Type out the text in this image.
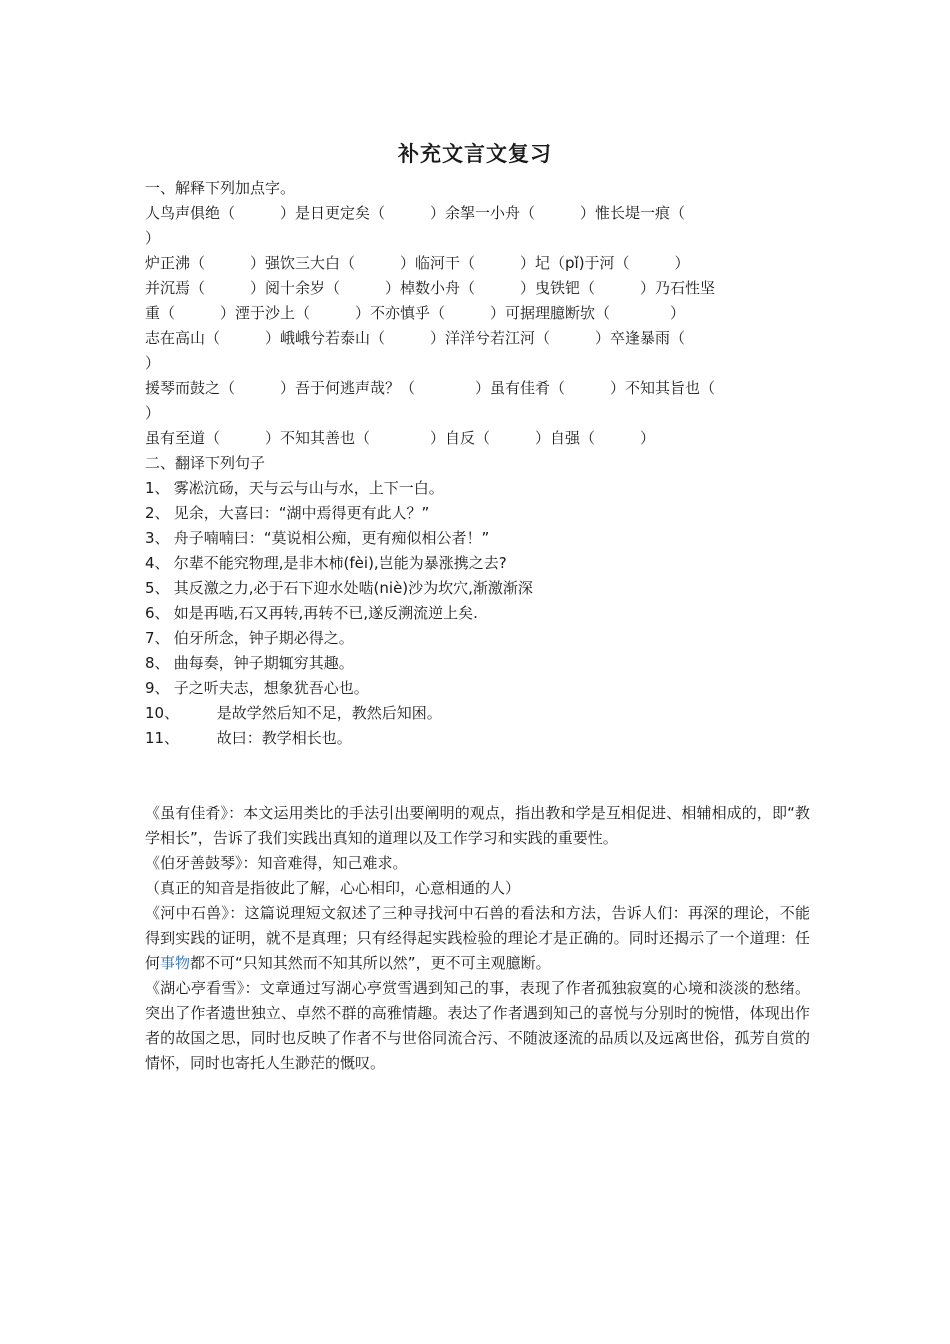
补充文言文复习
一、解释下列加点字。
人鸟声俱绝（　　　）是日更定矣（　　　）余挐一小舟（　　　）惟长堤一痕（
）
炉正沸（　　　）强饮三大白（　　　）临河干（　　　）圮（pǐ)于河（　　　）
并沉焉（　　　）阅十余岁（　　　）棹数小舟（　　　）曳铁钯（　　　）乃石性坚
重（　　　）湮于沙上（　　　）不亦慎乎（　　　）可据理臆断欤（　　　　）
志在高山（　　　）峨峨兮若泰山（　　　）洋洋兮若江河（　　　）卒逢暴雨（
）
援琴而鼓之（　　　）吾于何逃声哉？（　　　　）虽有佳肴（　　　）不知其旨也（
）
虽有至道（　　　）不知其善也（　　　　）自反（　　　）自强（　　　）
二、翻译下列句子
1、 雾凇沆砀，天与云与山与水，上下一白。
2、 见余，大喜曰：“湖中焉得更有此人？”
3、 舟子喃喃曰：“莫说相公痴，更有痴似相公者！”
4、 尔辈不能究物理,是非木柿(fèi),岂能为暴涨携之去?
5、 其反激之力,必于石下迎水处啮(niè)沙为坎穴,渐激渐深
6、 如是再啮,石又再转,再转不已,遂反溯流逆上矣.
7、 伯牙所念，钟子期必得之。
8、 曲每奏，钟子期辄穷其趣。
9、 子之听夫志，想象犹吾心也。
10、	是故学然后知不足，教然后知困。
11、	故曰：教学相长也。
《虽有佳肴》：本文运用类比的手法引出要阐明的观点，指出教和学是互相促进、相辅相成的，即“教学相长”，告诉了我们实践出真知的道理以及工作学习和实践的重要性。
《伯牙善鼓琴》：知音难得，知己难求。
（真正的知音是指彼此了解，心心相印，心意相通的人）
《河中石兽》：这篇说理短文叙述了三种寻找河中石兽的看法和方法，告诉人们：再深的理论，不能得到实践的证明，就不是真理；只有经得起实践检验的理论才是正确的。同时还揭示了一个道理：任何事物都不可“只知其然而不知其所以然”，更不可主观臆断。
《湖心亭看雪》：文章通过写湖心亭赏雪遇到知己的事，表现了作者孤独寂寞的心境和淡淡的愁绪。突出了作者遗世独立、卓然不群的高雅情趣。表达了作者遇到知己的喜悦与分别时的惋惜，体现出作者的故国之思，同时也反映了作者不与世俗同流合污、不随波逐流的品质以及远离世俗，孤芳自赏的情怀，同时也寄托人生渺茫的慨叹。
